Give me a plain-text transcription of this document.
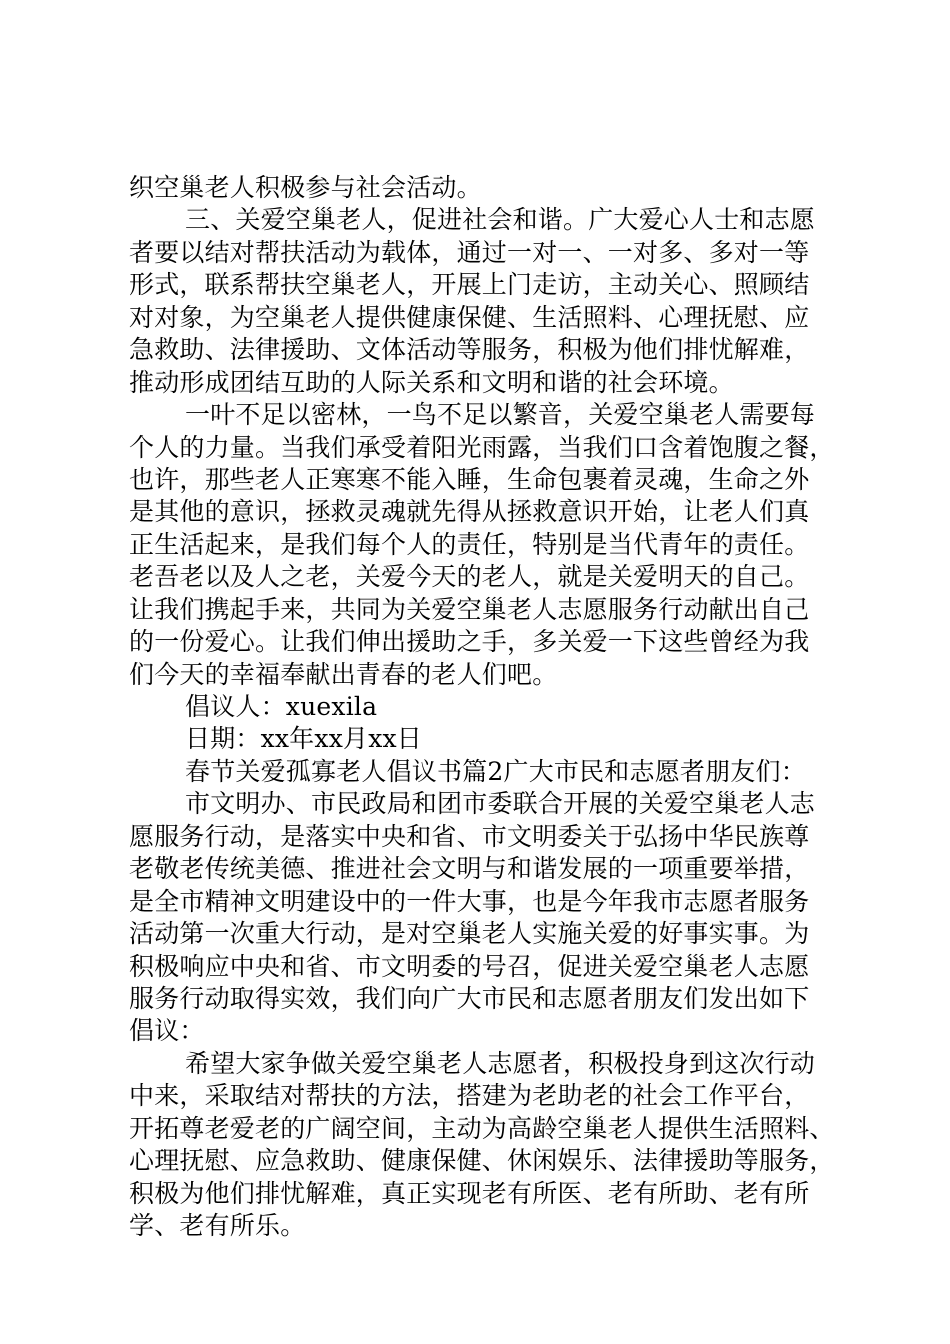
织空巢老人积极参与社会活动。
三、关爱空巢老人，促进社会和谐。广大爱心人士和志愿
者要以结对帮扶活动为载体，通过一对一、一对多、多对一等
形式，联系帮扶空巢老人，开展上门走访，主动关心、照顾结
对对象，为空巢老人提供健康保健、生活照料、心理抚慰、应
急救助、法律援助、文体活动等服务，积极为他们排忧解难，
推动形成团结互助的人际关系和文明和谐的社会环境。
一叶不足以密林，一鸟不足以繁音，关爱空巢老人需要每
个人的力量。当我们承受着阳光雨露，当我们口含着饱腹之餐，
也许，那些老人正寒寒不能入睡，生命包裹着灵魂，生命之外
是其他的意识，拯救灵魂就先得从拯救意识开始，让老人们真
正生活起来，是我们每个人的责任，特别是当代青年的责任。
老吾老以及人之老，关爱今天的老人，就是关爱明天的自己。
让我们携起手来，共同为关爱空巢老人志愿服务行动献出自己
的一份爱心。让我们伸出援助之手，多关爱一下这些曾经为我
们今天的幸福奉献出青春的老人们吧。
倡议人：xuexila
日期：xx年xx月xx日
春节关爱孤寡老人倡议书篇2广大市民和志愿者朋友们：
市文明办、市民政局和团市委联合开展的关爱空巢老人志
愿服务行动，是落实中央和省、市文明委关于弘扬中华民族尊
老敬老传统美德、推进社会文明与和谐发展的一项重要举措，
是全市精神文明建设中的一件大事，也是今年我市志愿者服务
活动第一次重大行动，是对空巢老人实施关爱的好事实事。为
积极响应中央和省、市文明委的号召，促进关爱空巢老人志愿
服务行动取得实效，我们向广大市民和志愿者朋友们发出如下
倡议：
希望大家争做关爱空巢老人志愿者，积极投身到这次行动
中来，采取结对帮扶的方法，搭建为老助老的社会工作平台，
开拓尊老爱老的广阔空间，主动为高龄空巢老人提供生活照料、
心理抚慰、应急救助、健康保健、休闲娱乐、法律援助等服务，
积极为他们排忧解难，真正实现老有所医、老有所助、老有所
学、老有所乐。
